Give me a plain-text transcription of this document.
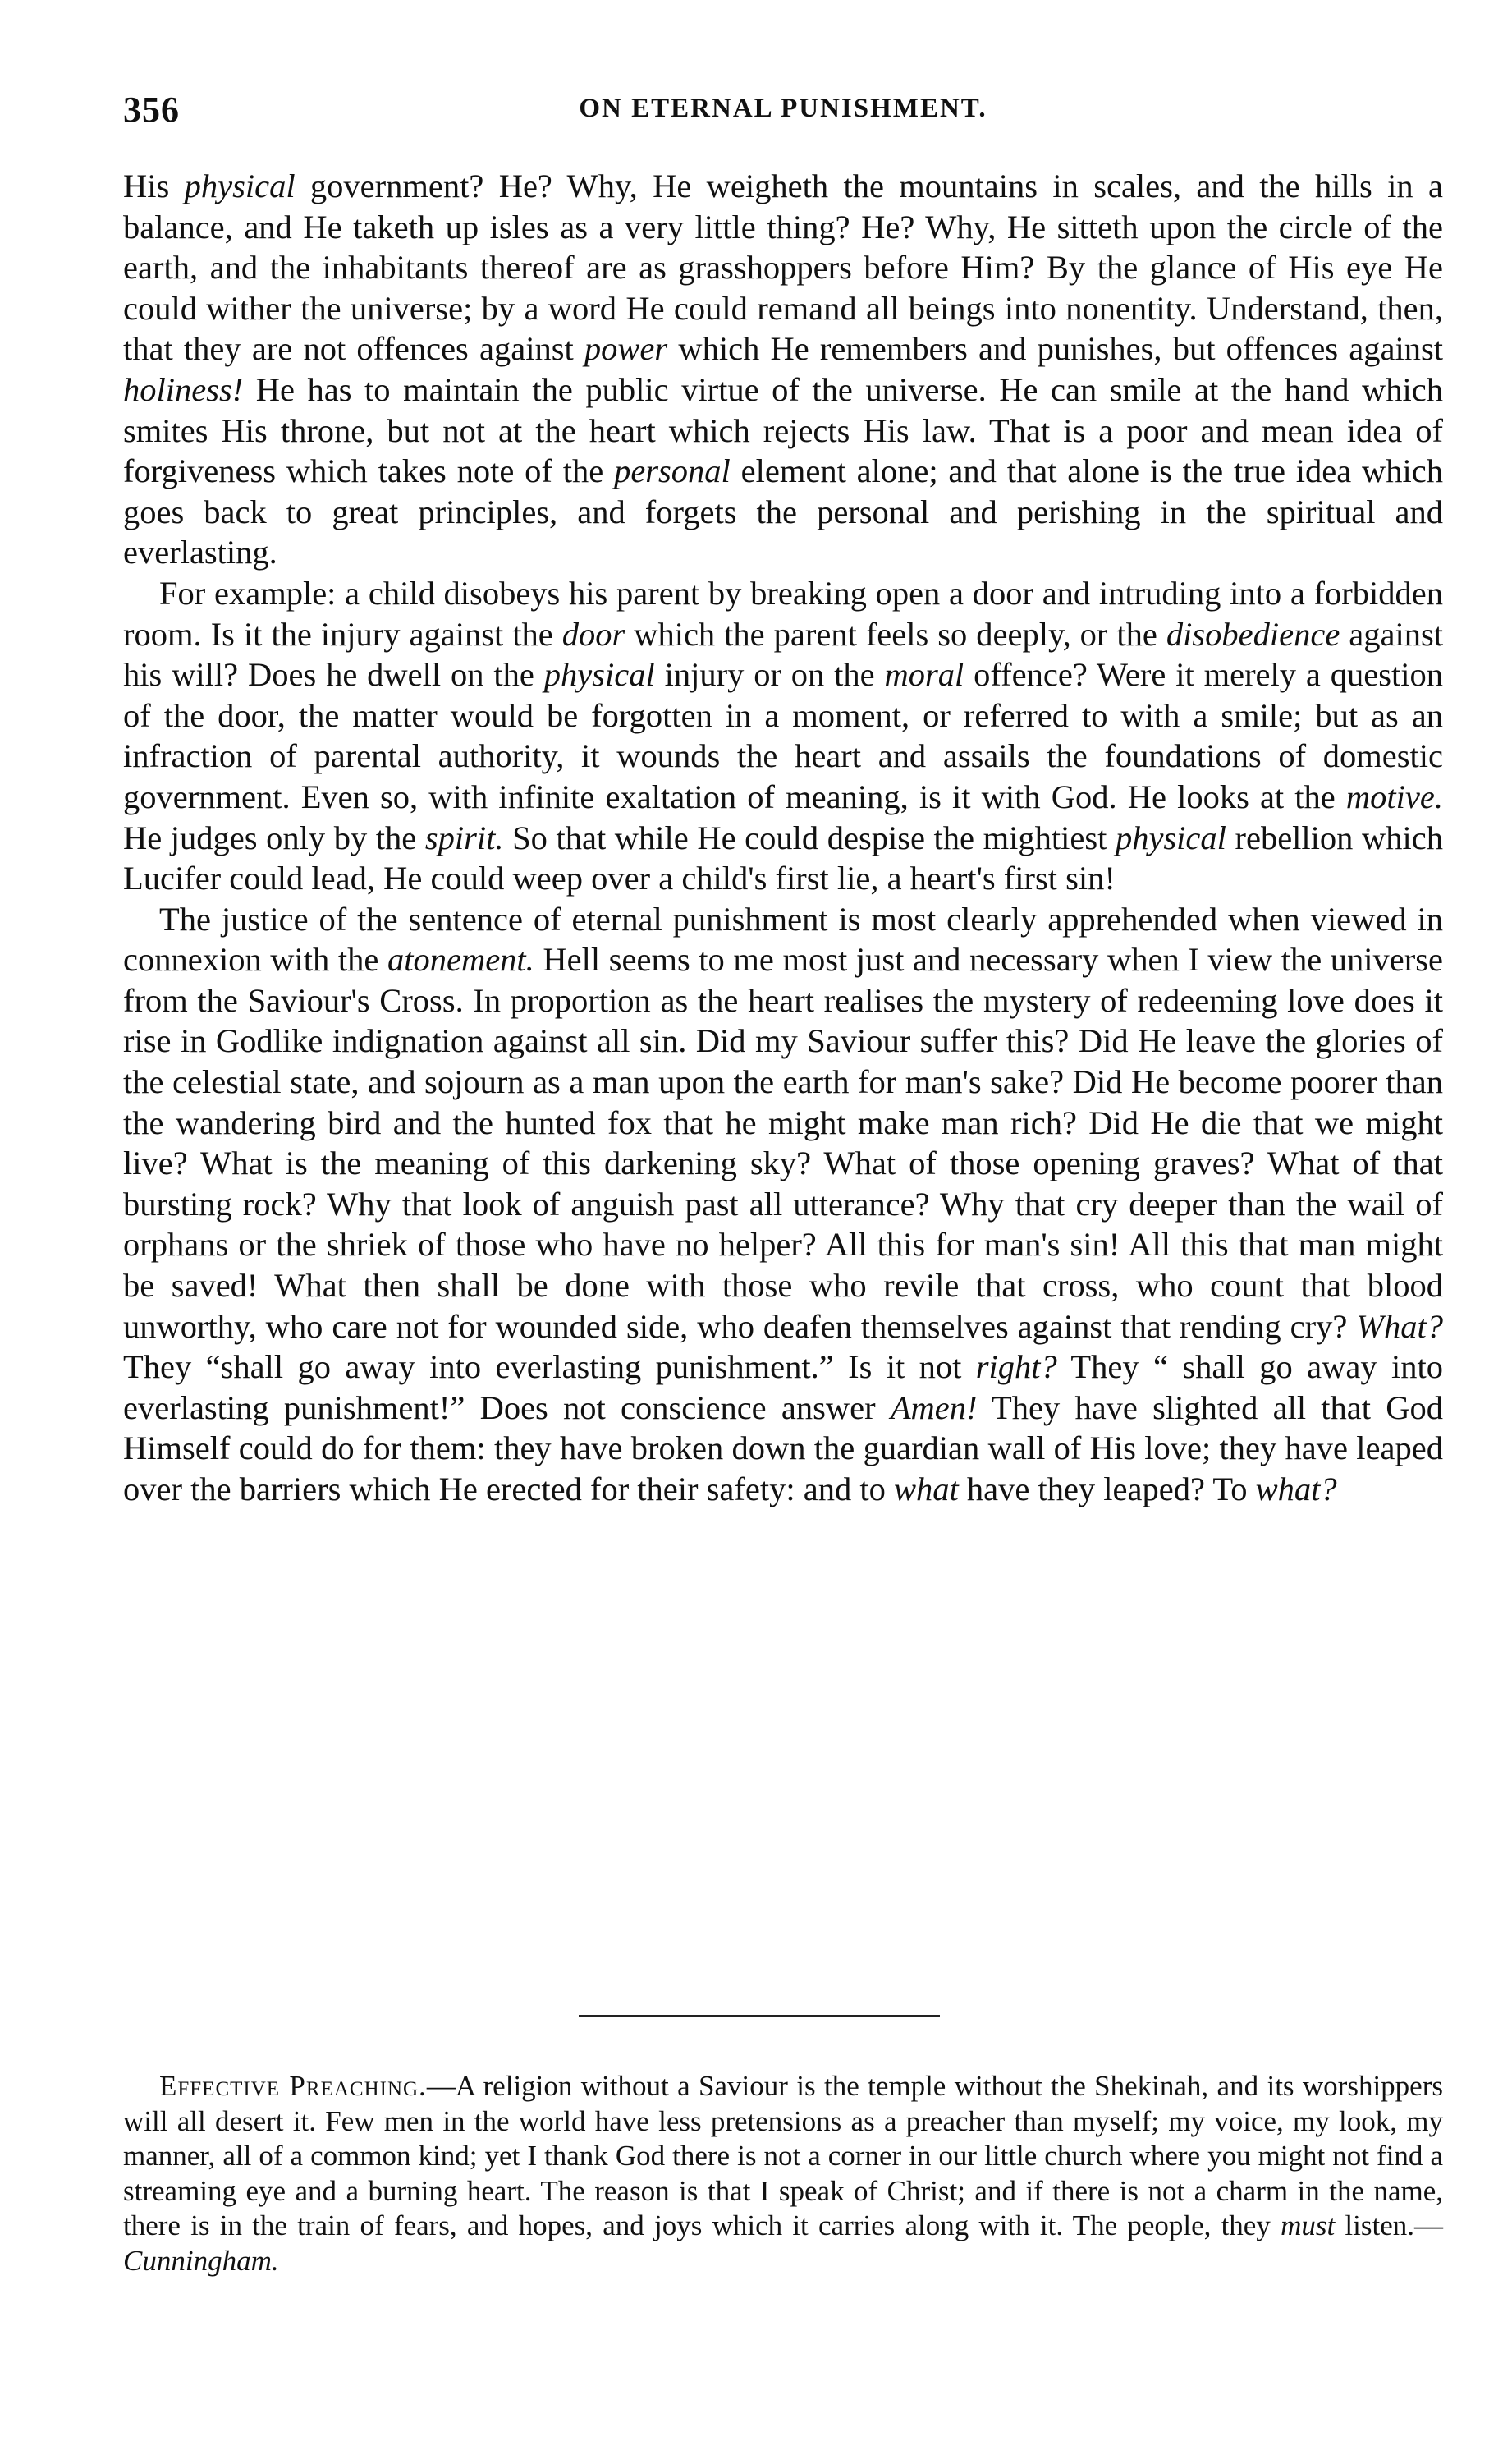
356	ON ETERNAL PUNISHMENT.

His physical government? He? Why, He weigheth the mountains in scales, and the hills in a balance, and He taketh up isles as a very little thing? He? Why, He sitteth upon the circle of the earth, and the inhabitants thereof are as grasshoppers before Him? By the glance of His eye He could wither the universe; by a word He could remand all beings into nonentity. Understand, then, that they are not offences against power which He remembers and punishes, but offences against holiness! He has to maintain the public virtue of the universe. He can smile at the hand which smites His throne, but not at the heart which rejects His law. That is a poor and mean idea of forgiveness which takes note of the personal element alone; and that alone is the true idea which goes back to great principles, and forgets the personal and perishing in the spiritual and everlasting.

For example: a child disobeys his parent by breaking open a door and intruding into a forbidden room. Is it the injury against the door which the parent feels so deeply, or the disobedience against his will? Does he dwell on the physical injury or on the moral offence? Were it merely a question of the door, the matter would be forgotten in a moment, or referred to with a smile; but as an infraction of parental authority, it wounds the heart and assails the foundations of domestic government. Even so, with infinite exaltation of meaning, is it with God. He looks at the motive. He judges only by the spirit. So that while He could despise the mightiest physical rebellion which Lucifer could lead, He could weep over a child's first lie, a heart's first sin!

The justice of the sentence of eternal punishment is most clearly apprehended when viewed in connexion with the atonement. Hell seems to me most just and necessary when I view the universe from the Saviour's Cross. In proportion as the heart realises the mystery of redeeming love does it rise in Godlike indignation against all sin. Did my Saviour suffer this? Did He leave the glories of the celestial state, and sojourn as a man upon the earth for man's sake? Did He become poorer than the wandering bird and the hunted fox that he might make man rich? Did He die that we might live? What is the meaning of this darkening sky? What of those opening graves? What of that bursting rock? Why that look of anguish past all utterance? Why that cry deeper than the wail of orphans or the shriek of those who have no helper? All this for man's sin! All this that man might be saved! What then shall be done with those who revile that cross, who count that blood unworthy, who care not for wounded side, who deafen themselves against that rending cry? What? They “shall go away into everlasting punishment.” Is it not right? They “ shall go away into everlasting punishment!” Does not conscience answer Amen! They have slighted all that God Himself could do for them: they have broken down the guardian wall of His love; they have leaped over the barriers which He erected for their safety: and to what have they leaped? To what?

Effective Preaching.—A religion without a Saviour is the temple without the Shekinah, and its worshippers will all desert it. Few men in the world have less pretensions as a preacher than myself; my voice, my look, my manner, all of a common kind; yet I thank God there is not a corner in our little church where you might not find a streaming eye and a burning heart. The reason is that I speak of Christ; and if there is not a charm in the name, there is in the train of fears, and hopes, and joys which it carries along with it. The people, they must listen.—Cunningham.
